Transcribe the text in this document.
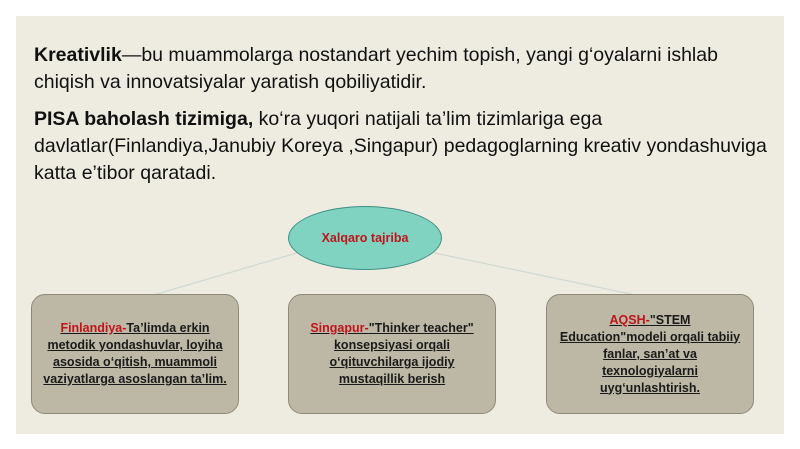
Kreativlik—bu muammolarga nostandart yechim topish, yangi g‘oyalarni ishlab chiqish va innovatsiyalar yaratish qobiliyatidir.

PISA baholash tizimiga, ko‘ra yuqori natijali ta’lim tizimlariga ega davlatlar(Finlandiya,Janubiy Koreya ,Singapur) pedagoglarning kreativ yondashuviga katta e’tibor qaratadi.

Xalqaro tajriba

Finlandiya-Ta’limda erkin metodik yondashuvlar, loyiha asosida o‘qitish, muammoli vaziyatlarga asoslangan ta’lim.

Singapur-"Thinker teacher" konsepsiyasi orqali o‘qituvchilarga ijodiy mustaqillik berish

AQSH-"STEM Education"modeli orqali tabiiy fanlar, san’at va texnologiyalarni uyg‘unlashtirish.
